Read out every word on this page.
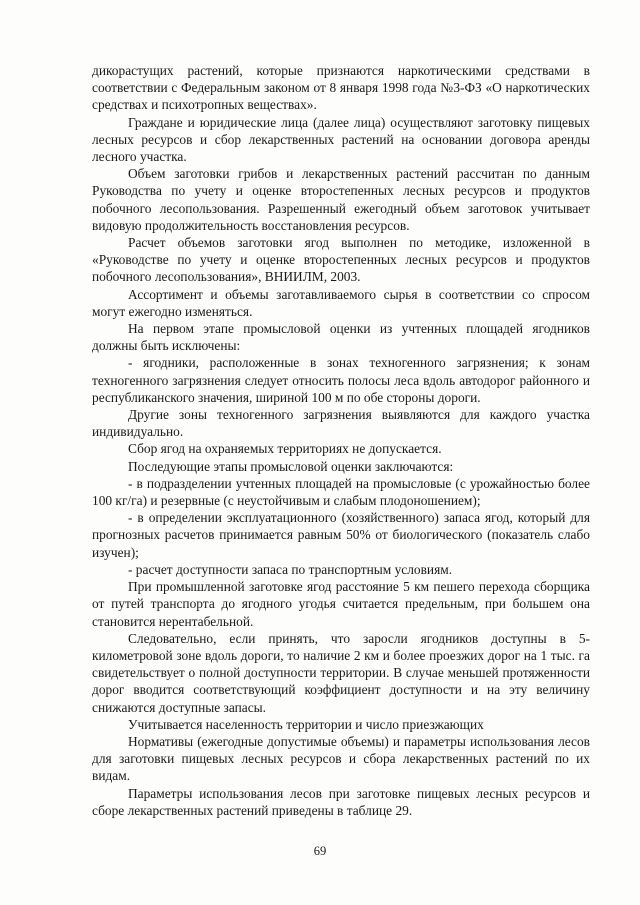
дикорастущих растений, которые признаются наркотическими средствами в соответствии с Федеральным законом от 8 января 1998 года №3-ФЗ «О наркотических средствах и психотропных веществах».

Граждане и юридические лица (далее лица) осуществляют заготовку пищевых лесных ресурсов и сбор лекарственных растений на основании договора аренды лесного участка.

Объем заготовки грибов и лекарственных растений рассчитан по данным Руководства по учету и оценке второстепенных лесных ресурсов и продуктов побочного лесопользования. Разрешенный ежегодный объем заготовок учитывает видовую продолжительность восстановления ресурсов.

Расчет объемов заготовки ягод выполнен по методике, изложенной в «Руководстве по учету и оценке второстепенных лесных ресурсов и продуктов побочного лесопользования», ВНИИЛМ, 2003.

Ассортимент и объемы заготавливаемого сырья в соответствии со спросом могут ежегодно изменяться.

На первом этапе промысловой оценки из учтенных площадей ягодников должны быть исключены:

- ягодники, расположенные в зонах техногенного загрязнения; к зонам техногенного загрязнения следует относить полосы леса вдоль автодорог районного и республиканского значения, шириной 100 м по обе стороны дороги.

Другие зоны техногенного загрязнения выявляются для каждого участка индивидуально.

Сбор ягод на охраняемых территориях не допускается.

Последующие этапы промысловой оценки заключаются:

- в подразделении учтенных площадей на промысловые (с урожайностью более 100 кг/га) и резервные (с неустойчивым и слабым плодоношением);

- в определении эксплуатационного (хозяйственного) запаса ягод, который для прогнозных расчетов принимается равным 50% от биологического (показатель слабо изучен);

- расчет доступности запаса по транспортным условиям.

При промышленной заготовке ягод расстояние 5 км пешего перехода сборщика от путей транспорта до ягодного угодья считается предельным, при большем она становится нерентабельной.

Следовательно, если принять, что заросли ягодников доступны в 5-километровой зоне вдоль дороги, то наличие 2 км и более проезжих дорог на 1 тыс. га свидетельствует о полной доступности территории. В случае меньшей протяженности дорог вводится соответствующий коэффициент доступности и на эту величину снижаются доступные запасы.

Учитывается населенность территории и число приезжающих

Нормативы (ежегодные допустимые объемы) и параметры использования лесов для заготовки пищевых лесных ресурсов и сбора лекарственных растений по их видам.

Параметры использования лесов при заготовке пищевых лесных ресурсов и сборе лекарственных растений приведены в таблице 29.

69
